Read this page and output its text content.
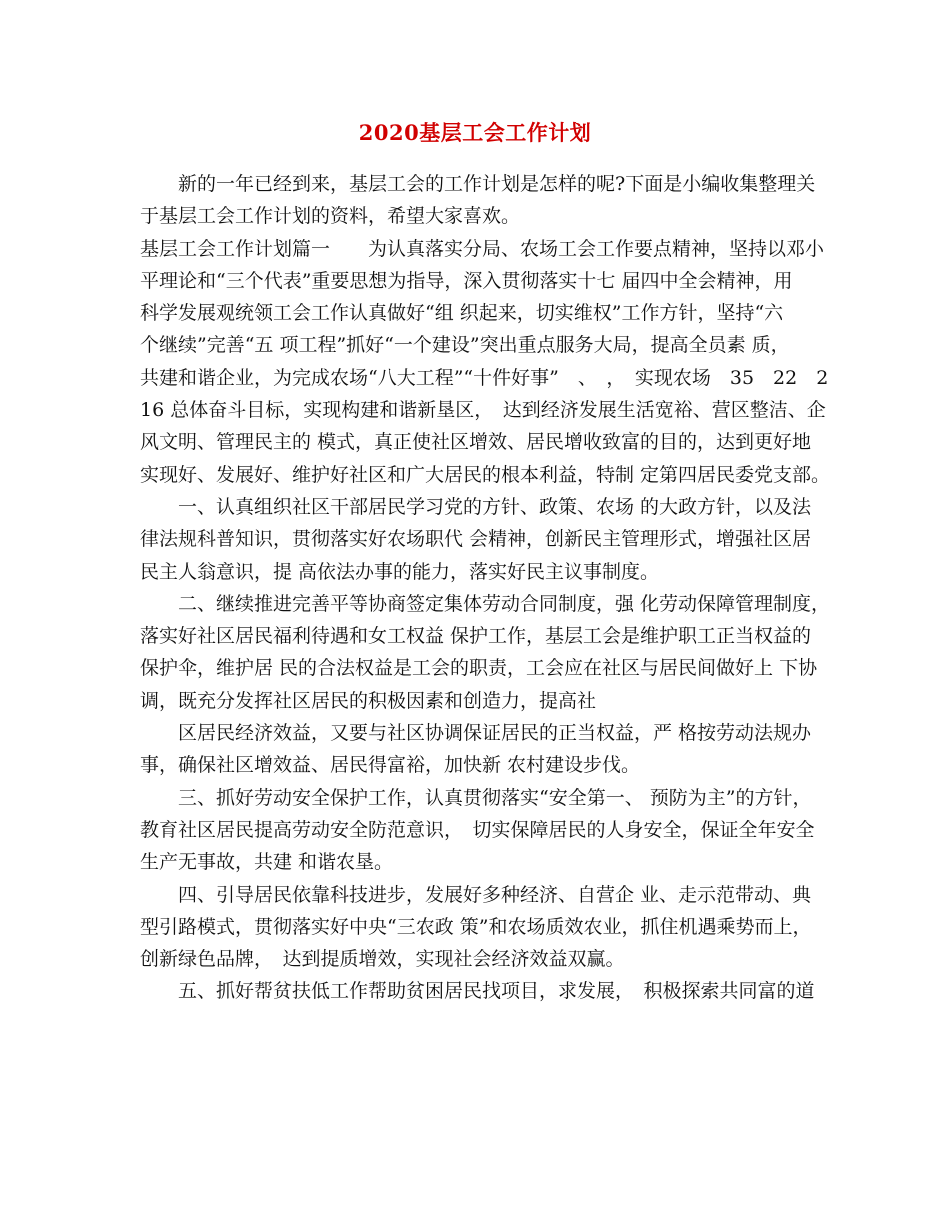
2020基层工会工作计划
新的一年已经到来，基层工会的工作计划是怎样的呢?下面是小编收集整理关
于基层工会工作计划的资料，希望大家喜欢。
基层工会工作计划篇一　　为认真落实分局、农场工会工作要点精神，坚持以邓小
平理论和“三个代表”重要思想为指导，深入贯彻落实十七 届四中全会精神，用
科学发展观统领工会工作认真做好“组 织起来，切实维权”工作方针，坚持“六
个继续”完善“五 项工程”抓好“一个建设”突出重点服务大局，提高全员素 质，
共建和谐企业，为完成农场“八大工程”“十件好事”　、　，　实现农场　35　22　2
16 总体奋斗目标，实现构建和谐新垦区，　达到经济发展生活宽裕、营区整洁、企
风文明、管理民主的 模式，真正使社区增效、居民增收致富的目的，达到更好地
实现好、发展好、维护好社区和广大居民的根本利益，特制 定第四居民委党支部。
一、认真组织社区干部居民学习党的方针、政策、农场 的大政方针，以及法
律法规科普知识，贯彻落实好农场职代 会精神，创新民主管理形式，增强社区居
民主人翁意识，提 高依法办事的能力，落实好民主议事制度。
二、继续推进完善平等协商签定集体劳动合同制度，强 化劳动保障管理制度，
落实好社区居民福利待遇和女工权益 保护工作，基层工会是维护职工正当权益的
保护伞，维护居 民的合法权益是工会的职责，工会应在社区与居民间做好上 下协
调，既充分发挥社区居民的积极因素和创造力，提高社
区居民经济效益，又要与社区协调保证居民的正当权益，严 格按劳动法规办
事，确保社区增效益、居民得富裕，加快新 农村建设步伐。
三、抓好劳动安全保护工作，认真贯彻落实“安全第一、 预防为主”的方针，
教育社区居民提高劳动安全防范意识，　切实保障居民的人身安全，保证全年安全
生产无事故，共建 和谐农垦。
四、引导居民依靠科技进步，发展好多种经济、自营企 业、走示范带动、典
型引路模式，贯彻落实好中央“三农政 策”和农场质效农业，抓住机遇乘势而上，
创新绿色品牌，　达到提质增效，实现社会经济效益双赢。
五、抓好帮贫扶低工作帮助贫困居民找项目，求发展，　积极探索共同富的道
